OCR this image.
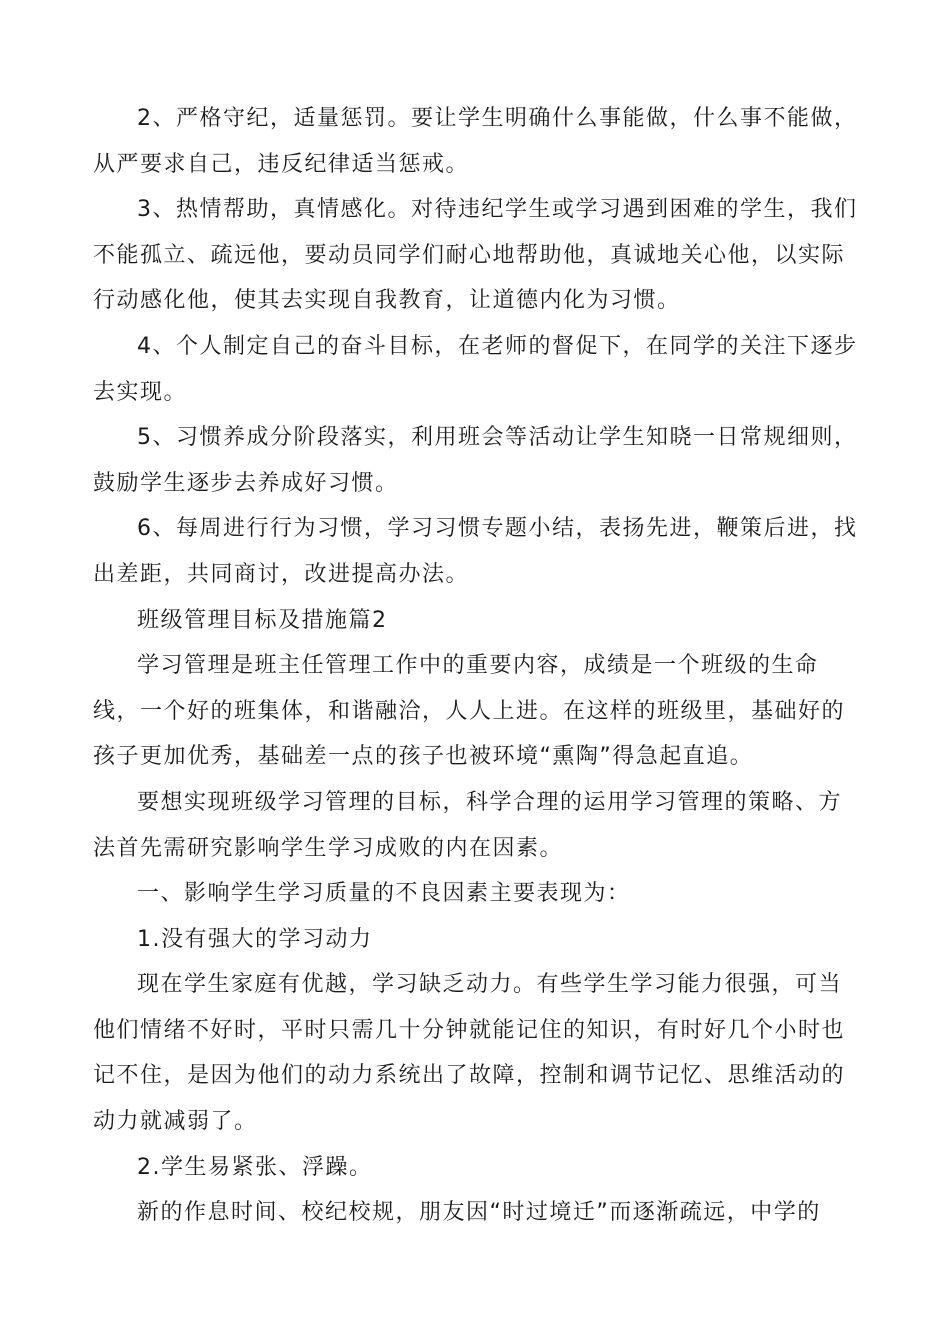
2、严格守纪，适量惩罚。要让学生明确什么事能做，什么事不能做，从严要求自己，违反纪律适当惩戒。

3、热情帮助，真情感化。对待违纪学生或学习遇到困难的学生，我们不能孤立、疏远他，要动员同学们耐心地帮助他，真诚地关心他，以实际行动感化他，使其去实现自我教育，让道德内化为习惯。

4、个人制定自己的奋斗目标，在老师的督促下，在同学的关注下逐步去实现。

5、习惯养成分阶段落实，利用班会等活动让学生知晓一日常规细则，鼓励学生逐步去养成好习惯。

6、每周进行行为习惯，学习习惯专题小结，表扬先进，鞭策后进，找出差距，共同商讨，改进提高办法。

班级管理目标及措施篇2

学习管理是班主任管理工作中的重要内容，成绩是一个班级的生命线，一个好的班集体，和谐融洽，人人上进。在这样的班级里，基础好的孩子更加优秀，基础差一点的孩子也被环境“熏陶”得急起直追。

要想实现班级学习管理的目标，科学合理的运用学习管理的策略、方法首先需研究影响学生学习成败的内在因素。

一、影响学生学习质量的不良因素主要表现为：

1.没有强大的学习动力

现在学生家庭有优越，学习缺乏动力。有些学生学习能力很强，可当他们情绪不好时，平时只需几十分钟就能记住的知识，有时好几个小时也记不住，是因为他们的动力系统出了故障，控制和调节记忆、思维活动的动力就减弱了。

2.学生易紧张、浮躁。

新的作息时间、校纪校规，朋友因“时过境迁”而逐渐疏远，中学的
